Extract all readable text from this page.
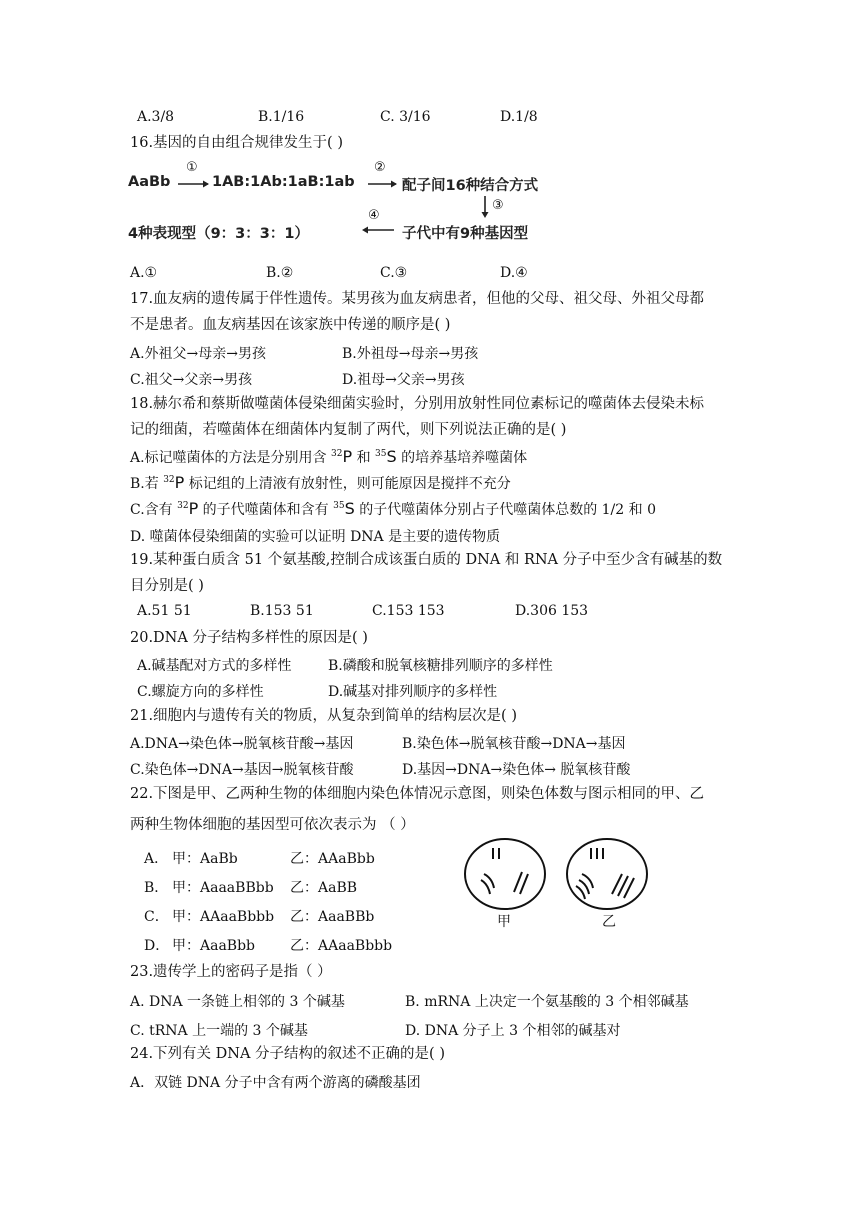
A.3/8	B.1/16	C. 3/16	D.1/8
16.基因的自由组合规律发生于( )
AaBb
①
1AB:1Ab:1aB:1ab
②
配子间16种结合方式
③
4种表现型（9：3：3：1）
④
子代中有9种基因型
A.①	B.②	C.③	D.④
17.血友病的遗传属于伴性遗传。某男孩为血友病患者，但他的父母、祖父母、外祖父母都
不是患者。血友病基因在该家族中传递的顺序是( )
A.外祖父→母亲→男孩	B.外祖母→母亲→男孩
C.祖父→父亲→男孩	D.祖母→父亲→男孩
18.赫尔希和蔡斯做噬菌体侵染细菌实验时，分别用放射性同位素标记的噬菌体去侵染未标
记的细菌，若噬菌体在细菌体内复制了两代，则下列说法正确的是( )
A.标记噬菌体的方法是分别用含 $^{32}$P 和 $^{35}$S 的培养基培养噬菌体
B.若 $^{32}$P 标记组的上清液有放射性，则可能原因是搅拌不充分
C.含有 $^{32}$P 的子代噬菌体和含有 $^{35}$S 的子代噬菌体分别占子代噬菌体总数的 1/2 和 0
D. 噬菌体侵染细菌的实验可以证明 DNA 是主要的遗传物质
19.某种蛋白质含 51 个氨基酸,控制合成该蛋白质的 DNA 和 RNA 分子中至少含有碱基的数
目分别是( )
A.51 51	B.153 51	C.153 153	D.306 153
20.DNA 分子结构多样性的原因是( )
A.碱基配对方式的多样性	B.磷酸和脱氧核糖排列顺序的多样性
C.螺旋方向的多样性	D.碱基对排列顺序的多样性
21.细胞内与遗传有关的物质，从复杂到简单的结构层次是( )
A.DNA→染色体→脱氧核苷酸→基因	B.染色体→脱氧核苷酸→DNA→基因
C.染色体→DNA→基因→脱氧核苷酸	D.基因→DNA→染色体→ 脱氧核苷酸
22.下图是甲、乙两种生物的体细胞内染色体情况示意图，则染色体数与图示相同的甲、乙
两种生物体细胞的基因型可依次表示为 （ ）
A． 甲：AaBb	乙：AAaBbb
B． 甲：AaaaBBbb 乙：AaBB
C． 甲：AAaaBbbb 乙：AaaBBb
D． 甲：AaaBbb 乙：AAaaBbbb
甲	乙
23.遗传学上的密码子是指（ ）
A. DNA 一条链上相邻的 3 个碱基	B. mRNA 上决定一个氨基酸的 3 个相邻碱基
C. tRNA 上一端的 3 个碱基	D. DNA 分子上 3 个相邻的碱基对
24.下列有关 DNA 分子结构的叙述不正确的是( )
A．双链 DNA 分子中含有两个游离的磷酸基团
